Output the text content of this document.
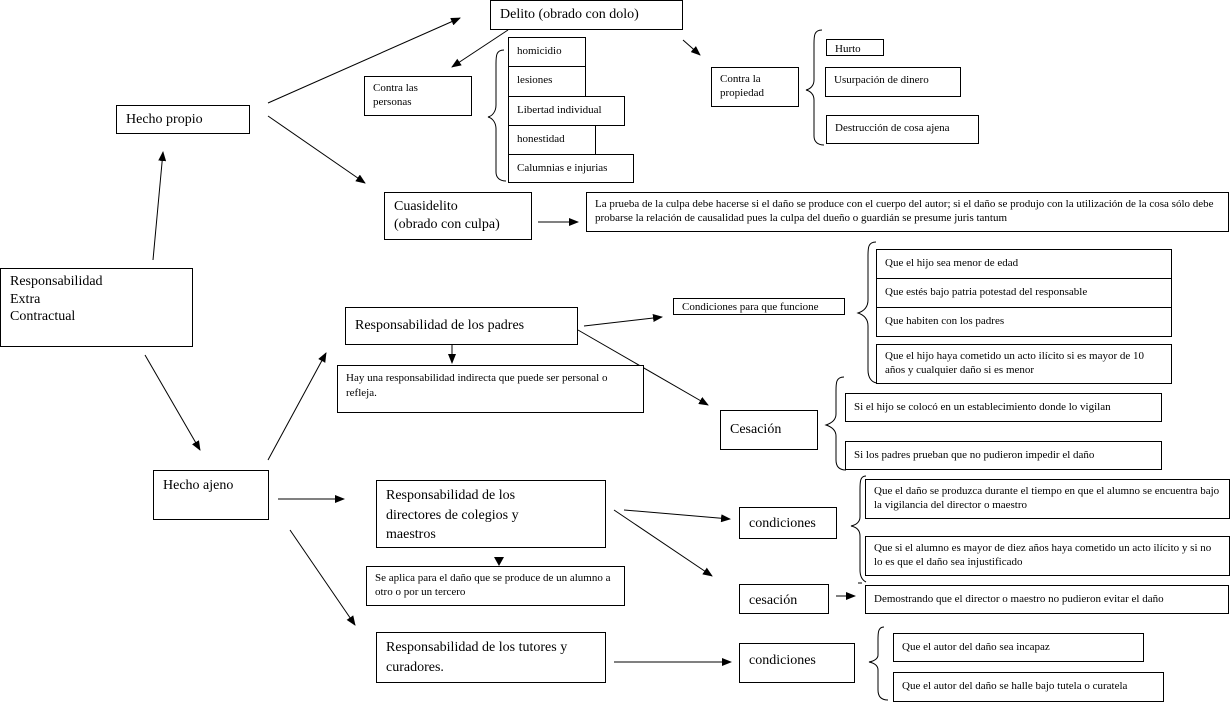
Responsabilidad
Extra
Contractual
Hecho propio
Hecho ajeno
Delito (obrado con dolo)
Contra las
personas
homicidio
lesiones
Libertad individual
honestidad
Calumnias e injurias
Contra la
propiedad
Hurto
Usurpación de dinero
Destrucción de cosa ajena
Cuasidelito
(obrado con culpa)
La prueba de la culpa debe hacerse si el daño se produce con el cuerpo del autor; si el daño se produjo con la utilización de la cosa sólo debe probarse la relación de causalidad pues la culpa del dueño o guardián se presume juris tantum
Responsabilidad de los padres
Condiciones para que funcione
Que el hijo sea menor de edad
Que estés bajo patria potestad del responsable
Que habiten con los padres
Que el hijo haya cometido un acto ilícito si es mayor de 10 años y cualquier daño si es menor
Hay una responsabilidad indirecta que puede ser personal o refleja.
Cesación
Si el hijo se colocó en un establecimiento donde lo vigilan
Si los padres prueban que no pudieron impedir el daño
Responsabilidad de los
directores de colegios y
maestros
Se aplica para el daño que se produce de un alumno a otro o por un tercero
condiciones
Que el daño se produzca durante el tiempo en que el alumno se encuentra bajo la vigilancia del director o maestro
Que si el alumno es mayor de diez años haya cometido un acto ilícito y si no lo es que el daño sea injustificado
cesación	Demostrando que el director o maestro no pudieron evitar el daño
Responsabilidad de los tutores y
curadores.	condiciones
Que el autor del daño sea incapaz
Que el autor del daño se halle bajo tutela o curatela
